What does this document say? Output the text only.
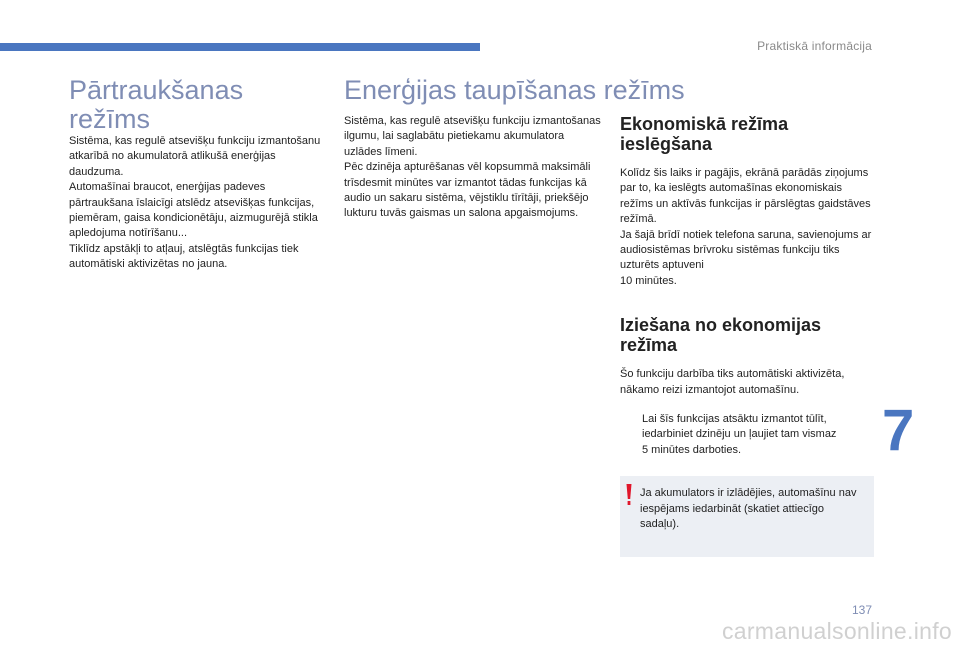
Praktiskā informācija
Pārtraukšanas
režīms

Sistēma, kas regulē atsevišķu funkciju izmantošanu atkarībā no akumulatorā atlikušā enerģijas daudzuma.
Automašīnai braucot, enerģijas padeves pārtraukšana īslaicīgi atslēdz atsevišķas funkcijas, piemēram, gaisa kondicionētāju, aizmugurējā stikla apledojuma notīrīšanu...
Tiklīdz apstākļi to atļauj, atslēgtās funkcijas tiek automātiski aktivizētas no jauna.

Enerģijas taupīšanas režīms

Sistēma, kas regulē atsevišķu funkciju izmantošanas ilgumu, lai saglabātu pietiekamu akumulatora uzlādes līmeni.
Pēc dzinēja apturēšanas vēl kopsummā maksimāli trīsdesmit minūtes var izmantot tādas funkcijas kā audio un sakaru sistēma, vējstiklu tīrītāji, priekšējo lukturu tuvās gaismas un salona apgaismojums.

Ekonomiskā režīma ieslēgšana

Kolīdz šis laiks ir pagājis, ekrānā parādās ziņojums par to, ka ieslēgts automašīnas ekonomiskais režīms un aktīvās funkcijas ir pārslēgtas gaidstāves režīmā.
Ja šajā brīdī notiek telefona saruna, savienojums ar audiosistēmas brīvroku sistēmas funkciju tiks uzturēts aptuveni
10 minūtes.

Iziešana no ekonomijas režīma

Šo funkciju darbība tiks automātiski aktivizēta, nākamo reizi izmantojot automašīnu.

Lai šīs funkcijas atsāktu izmantot tūlīt, iedarbiniet dzinēju un ļaujiet tam vismaz
5 minūtes darboties.

Ja akumulators ir izlādējies, automašīnu nav iespējams iedarbināt (skatiet attiecīgo sadaļu).

7
137
carmanualsonline.info
